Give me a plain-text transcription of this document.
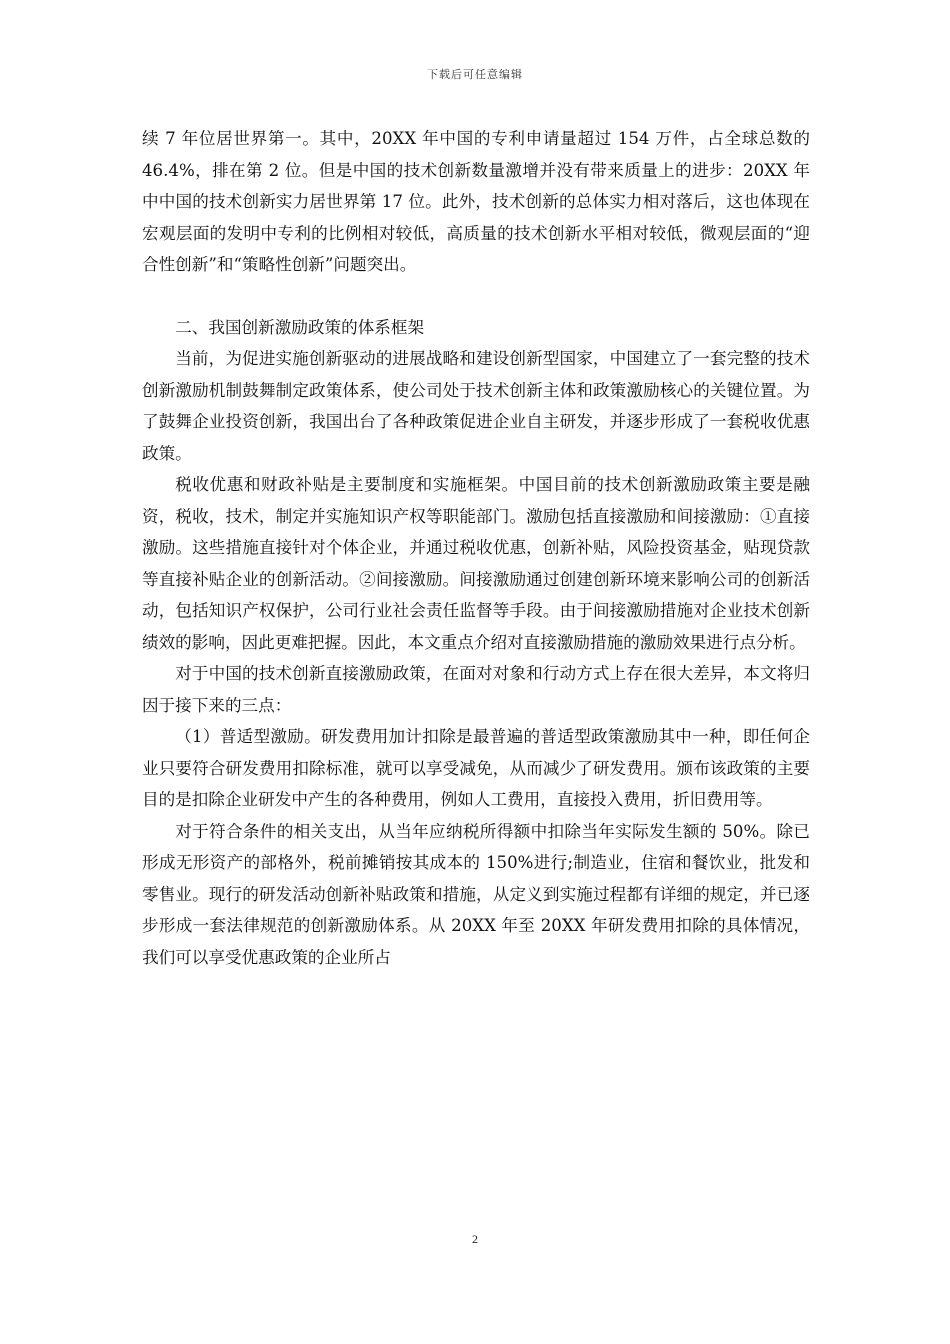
下载后可任意编辑

续 7 年位居世界第一。其中，20XX 年中国的专利申请量超过 154 万件，占全球总数的 46.4%，排在第 2 位。但是中国的技术创新数量激增并没有带来质量上的进步：20XX 年中中国的技术创新实力居世界第 17 位。此外，技术创新的总体实力相对落后，这也体现在宏观层面的发明中专利的比例相对较低，高质量的技术创新水平相对较低，微观层面的“迎合性创新”和“策略性创新”问题突出。

二、我国创新激励政策的体系框架

当前，为促进实施创新驱动的进展战略和建设创新型国家，中国建立了一套完整的技术创新激励机制鼓舞制定政策体系，使公司处于技术创新主体和政策激励核心的关键位置。为了鼓舞企业投资创新，我国出台了各种政策促进企业自主研发，并逐步形成了一套税收优惠政策。

税收优惠和财政补贴是主要制度和实施框架。中国目前的技术创新激励政策主要是融资，税收，技术，制定并实施知识产权等职能部门。激励包括直接激励和间接激励：①直接激励。这些措施直接针对个体企业，并通过税收优惠，创新补贴，风险投资基金，贴现贷款等直接补贴企业的创新活动。②间接激励。间接激励通过创建创新环境来影响公司的创新活动，包括知识产权保护，公司行业社会责任监督等手段。由于间接激励措施对企业技术创新绩效的影响，因此更难把握。因此，本文重点介绍对直接激励措施的激励效果进行点分析。

对于中国的技术创新直接激励政策，在面对对象和行动方式上存在很大差异，本文将归因于接下来的三点：

（1）普适型激励。研发费用加计扣除是最普遍的普适型政策激励其中一种，即任何企业只要符合研发费用扣除标准，就可以享受减免，从而减少了研发费用。颁布该政策的主要目的是扣除企业研发中产生的各种费用，例如人工费用，直接投入费用，折旧费用等。

对于符合条件的相关支出，从当年应纳税所得额中扣除当年实际发生额的 50%。除已形成无形资产的部格外，税前摊销按其成本的 150%进行;制造业，住宿和餐饮业，批发和零售业。现行的研发活动创新补贴政策和措施，从定义到实施过程都有详细的规定，并已逐步形成一套法律规范的创新激励体系。从 20XX 年至 20XX 年研发费用扣除的具体情况，我们可以享受优惠政策的企业所占

2
